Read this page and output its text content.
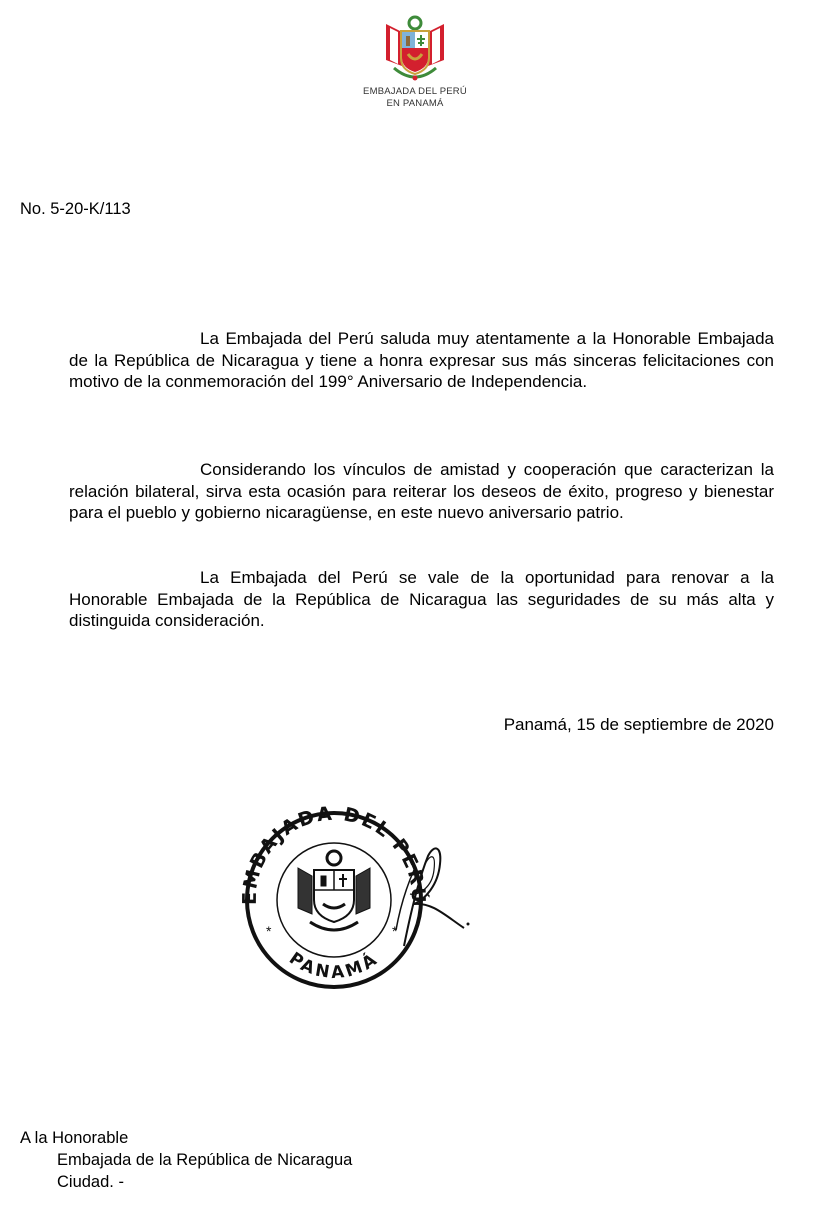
EMBAJADA DEL PERÚ
EN PANAMÁ
No. 5-20-K/113

La Embajada del Perú saluda muy atentamente a la Honorable Embajada de la República de Nicaragua y tiene a honra expresar sus más sinceras felicitaciones con motivo de la conmemoración del 199° Aniversario de Independencia.

Considerando los vínculos de amistad y cooperación que caracterizan la relación bilateral, sirva esta ocasión para reiterar los deseos de éxito, progreso y bienestar para el pueblo y gobierno nicaragüense, en este nuevo aniversario patrio.

La Embajada del Perú se vale de la oportunidad para renovar a la Honorable Embajada de la República de Nicaragua las seguridades de su más alta y distinguida consideración.

Panamá, 15 de septiembre de 2020
EMBAJADA DEL PERÚ
PANAMÁ
*	*
A la Honorable
Embajada de la República de Nicaragua
Ciudad. -
